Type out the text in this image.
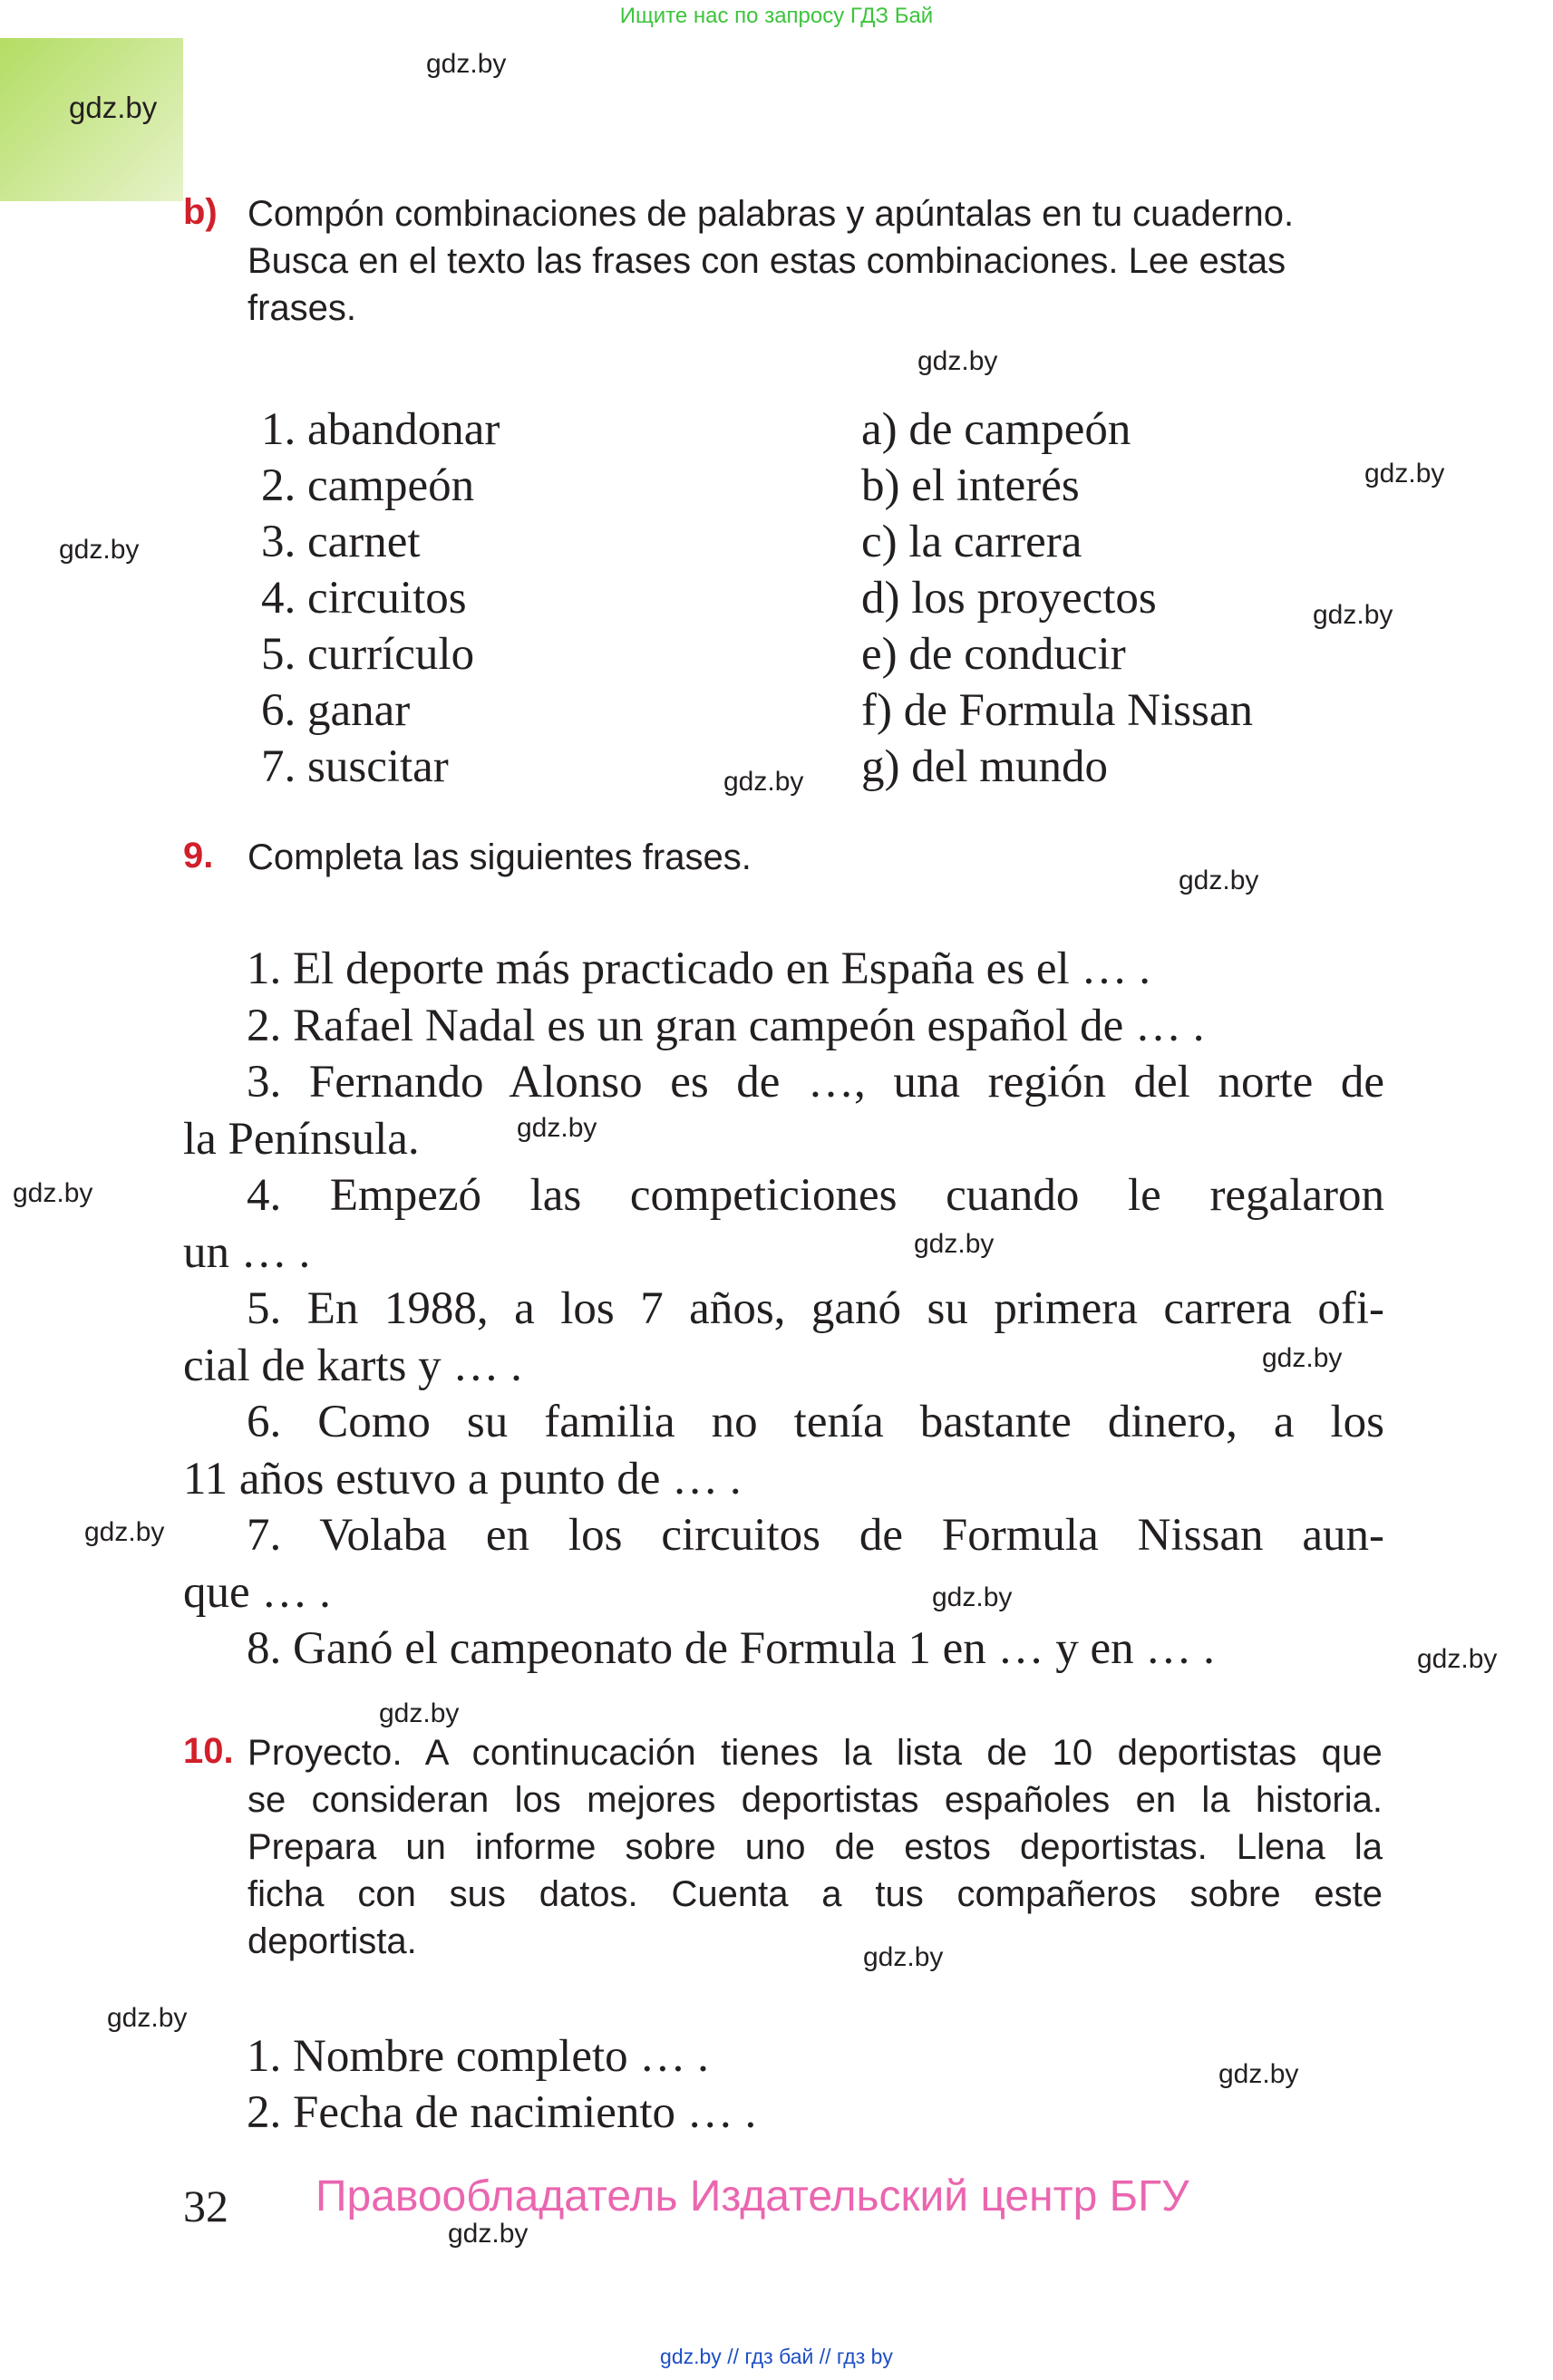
Ищите нас по запросу ГДЗ Бай
gdz.by
gdz.by
gdz.by
gdz.by
gdz.by
gdz.by
gdz.by
gdz.by
gdz.by
gdz.by
gdz.by
gdz.by
gdz.by
gdz.by
gdz.by
gdz.by
gdz.by
gdz.by
gdz.by
gdz.by
b) Compón combinaciones de palabras y apúntalas en tu cuaderno.
Busca en el texto las frases con estas combinaciones. Lee estas
frases.
1. abandonar
2. campeón
3. carnet
4. circuitos
5. currículo
6. ganar
7. suscitar
a) de campeón
b) el interés
c) la carrera
d) los proyectos
e) de conducir
f) de Formula Nissan
g) del mundo
9. Completa las siguientes frases.
1. El deporte más practicado en España es el … .
2. Rafael Nadal es un gran campeón español de … .
3. Fernando Alonso es de …, una región del norte de
la Península.
4. Empezó las competiciones cuando le regalaron
un … .
5. En 1988, a los 7 años, ganó su primera carrera ofi-
cial de karts y … .
6. Como su familia no tenía bastante dinero, a los
11 años estuvo a punto de … .
7. Volaba en los circuitos de Formula Nissan aun-
que … .
8. Ganó el campeonato de Formula 1 en … y en … .
10. Proyecto. A continucación tienes la lista de 10 deportistas que
se consideran los mejores deportistas españoles en la historia.
Prepara un informe sobre uno de estos deportistas. Llena la
ficha con sus datos. Cuenta a tus compañeros sobre este
deportista.
1. Nombre completo … .
2. Fecha de nacimiento … .
32 Правообладатель Издательский центр БГУ
gdz.by // гдз бай // гдз by
